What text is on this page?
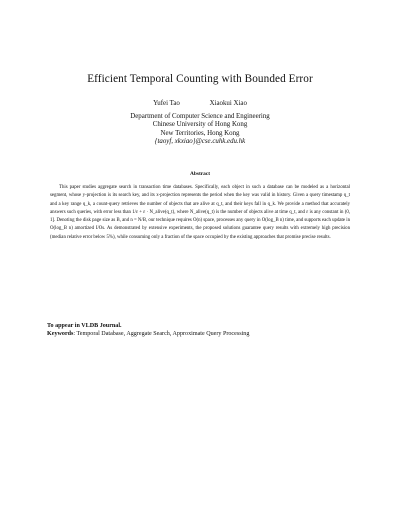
Efficient Temporal Counting with Bounded Error
Yufei Tao	Xiaokui Xiao
Department of Computer Science and Engineering
Chinese University of Hong Kong
New Territories, Hong Kong
{taoyf, xkxiao}@cse.cuhk.edu.hk
Abstract
This paper studies aggregate search in transaction time databases. Specifically, each object in such a database can be modeled as a horizontal segment, whose y-projection is its search key, and its x-projection represents the period when the key was valid in history. Given a query timestamp q_t and a key range q_k, a count-query retrieves the number of objects that are alive at q_t, and their keys fall in q_k. We provide a method that accurately answers such queries, with error less than 1/ε + ε · N_alive(q_t), where N_alive(q_t) is the number of objects alive at time q_t, and ε is any constant in (0, 1]. Denoting the disk page size as B, and n = N/B, our technique requires O(n) space, processes any query in O(log_B n) time, and supports each update in O(log_B n) amortized I/Os. As demonstrated by extensive experiments, the proposed solutions guarantee query results with extremely high precision (median relative error below 5%), while consuming only a fraction of the space occupied by the existing approaches that promise precise results.
To appear in VLDB Journal.
Keywords: Temporal Database, Aggregate Search, Approximate Query Processing
